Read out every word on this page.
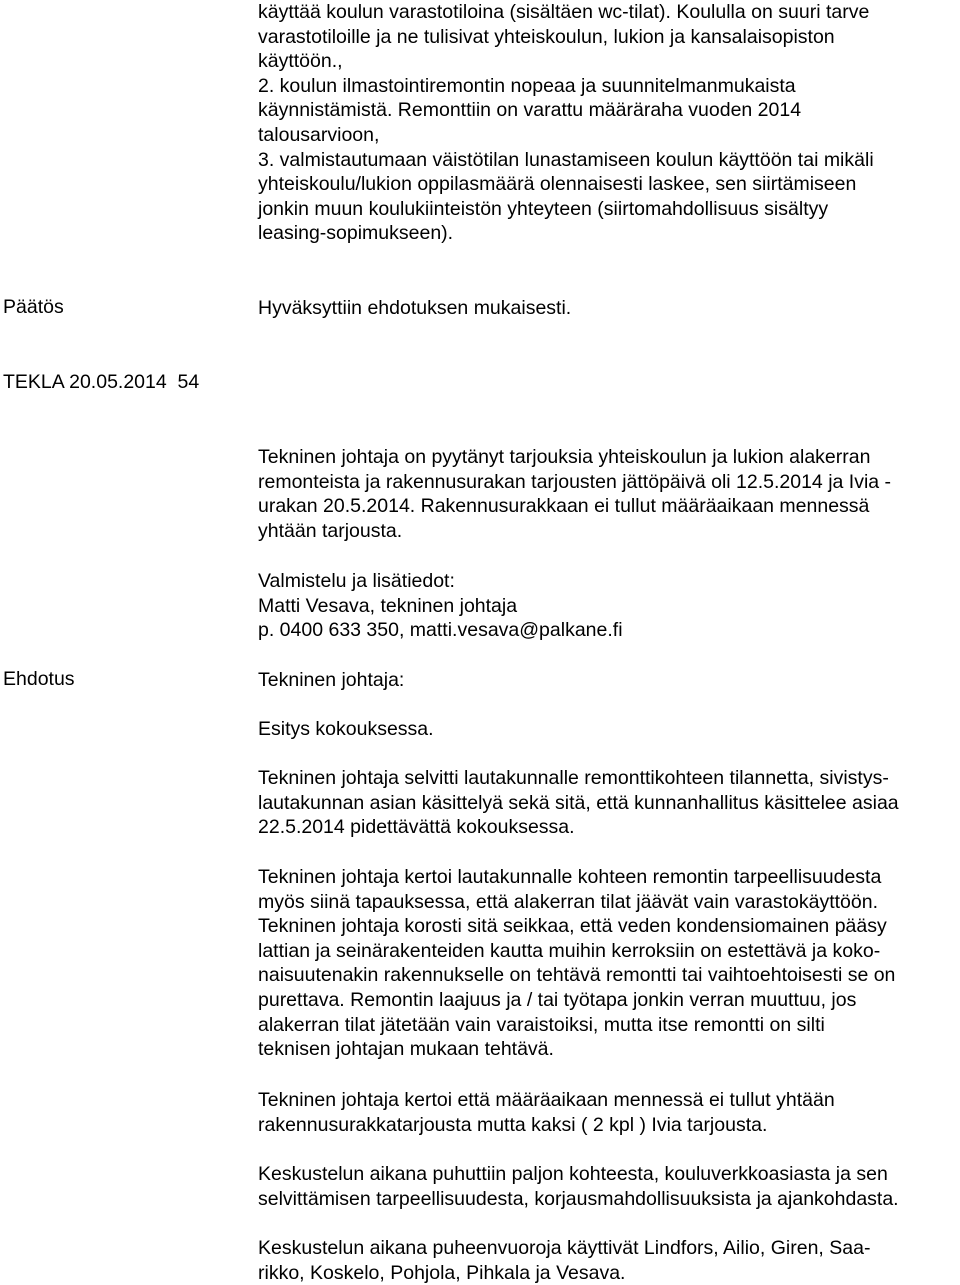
käyttää koulun varastotiloina (sisältäen wc-tilat). Koululla on suuri tarve
varastotiloille ja ne tulisivat yhteiskoulun, lukion ja kansalaisopiston
käyttöön.,
2. koulun ilmastointiremontin nopeaa ja suunnitelmanmukaista
käynnistämistä. Remonttiin on varattu määräraha vuoden 2014
talousarvioon,
3. valmistautumaan väistötilan lunastamiseen koulun käyttöön tai mikäli
yhteiskoulu/lukion oppilasmäärä olennaisesti laskee, sen siirtämiseen
jonkin muun koulukiinteistön yhteyteen (siirtomahdollisuus sisältyy
leasing-sopimukseen).
Päätös	Hyväksyttiin ehdotuksen mukaisesti.
TEKLA 20.05.2014  54
Tekninen johtaja on pyytänyt tarjouksia yhteiskoulun ja lukion alakerran
remonteista ja rakennusurakan tarjousten jättöpäivä oli 12.5.2014 ja Ivia -
urakan 20.5.2014. Rakennusurakkaan ei tullut määräaikaan mennessä
yhtään tarjousta.
Valmistelu ja lisätiedot:
Matti Vesava, tekninen johtaja
p. 0400 633 350, matti.vesava@palkane.fi
Ehdotus	Tekninen johtaja:
Esitys kokouksessa.
Tekninen johtaja selvitti lautakunnalle remonttikohteen tilannetta, sivistys-
lautakunnan asian käsittelyä sekä sitä, että kunnanhallitus käsittelee asiaa
22.5.2014 pidettävättä kokouksessa.
Tekninen johtaja kertoi lautakunnalle kohteen remontin tarpeellisuudesta
myös siinä tapauksessa, että alakerran tilat jäävät vain varastokäyttöön.
Tekninen johtaja korosti sitä seikkaa, että veden kondensiomainen pääsy
lattian ja seinärakenteiden kautta muihin kerroksiin on estettävä ja koko-
naisuutenakin rakennukselle on tehtävä remontti tai vaihtoehtoisesti se on
purettava. Remontin laajuus ja / tai työtapa jonkin verran muuttuu, jos
alakerran tilat jätetään vain varaistoiksi, mutta itse remontti on silti
teknisen johtajan mukaan tehtävä.
Tekninen johtaja kertoi että määräaikaan mennessä ei tullut yhtään
rakennusurakkatarjousta mutta kaksi ( 2 kpl ) Ivia tarjousta.
Keskustelun aikana puhuttiin paljon kohteesta, kouluverkkoasiasta ja sen
selvittämisen tarpeellisuudesta, korjausmahdollisuuksista ja ajankohdasta.
Keskustelun aikana puheenvuoroja käyttivät Lindfors, Ailio, Giren, Saa-
rikko, Koskelo, Pohjola, Pihkala ja Vesava.
